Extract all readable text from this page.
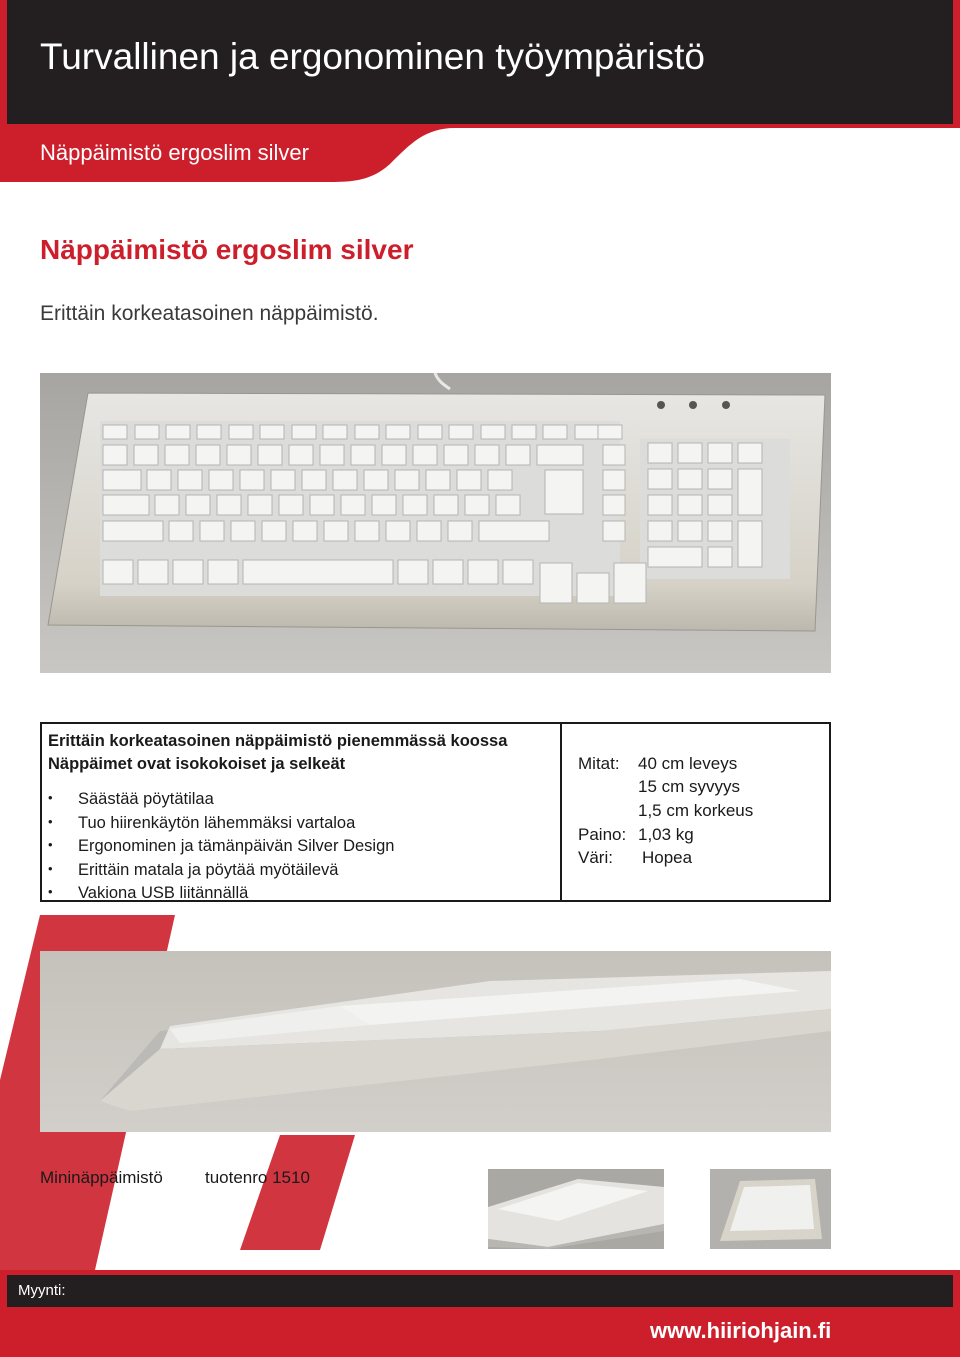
Turvallinen ja ergonominen työympäristö
Näppäimistö ergoslim silver
Näppäimistö ergoslim silver
Erittäin korkeatasoinen näppäimistö.
Erittäin korkeatasoinen näppäimistö pienemmässä koossa
Näppäimet ovat isokokoiset ja selkeät
• Säästää pöytätilaa
• Tuo hiirenkäytön lähemmäksi vartaloa
• Ergonominen ja tämänpäivän Silver Design
• Erittäin matala ja pöytää myötäilevä
• Vakiona USB liitännällä
Mitat: 40 cm leveys
15 cm syvyys
1,5 cm korkeus
Paino: 1,03 kg
Väri: Hopea
Mininäppäimistö tuotenro 1510
Myynti:
www.hiiriohjain.fi
